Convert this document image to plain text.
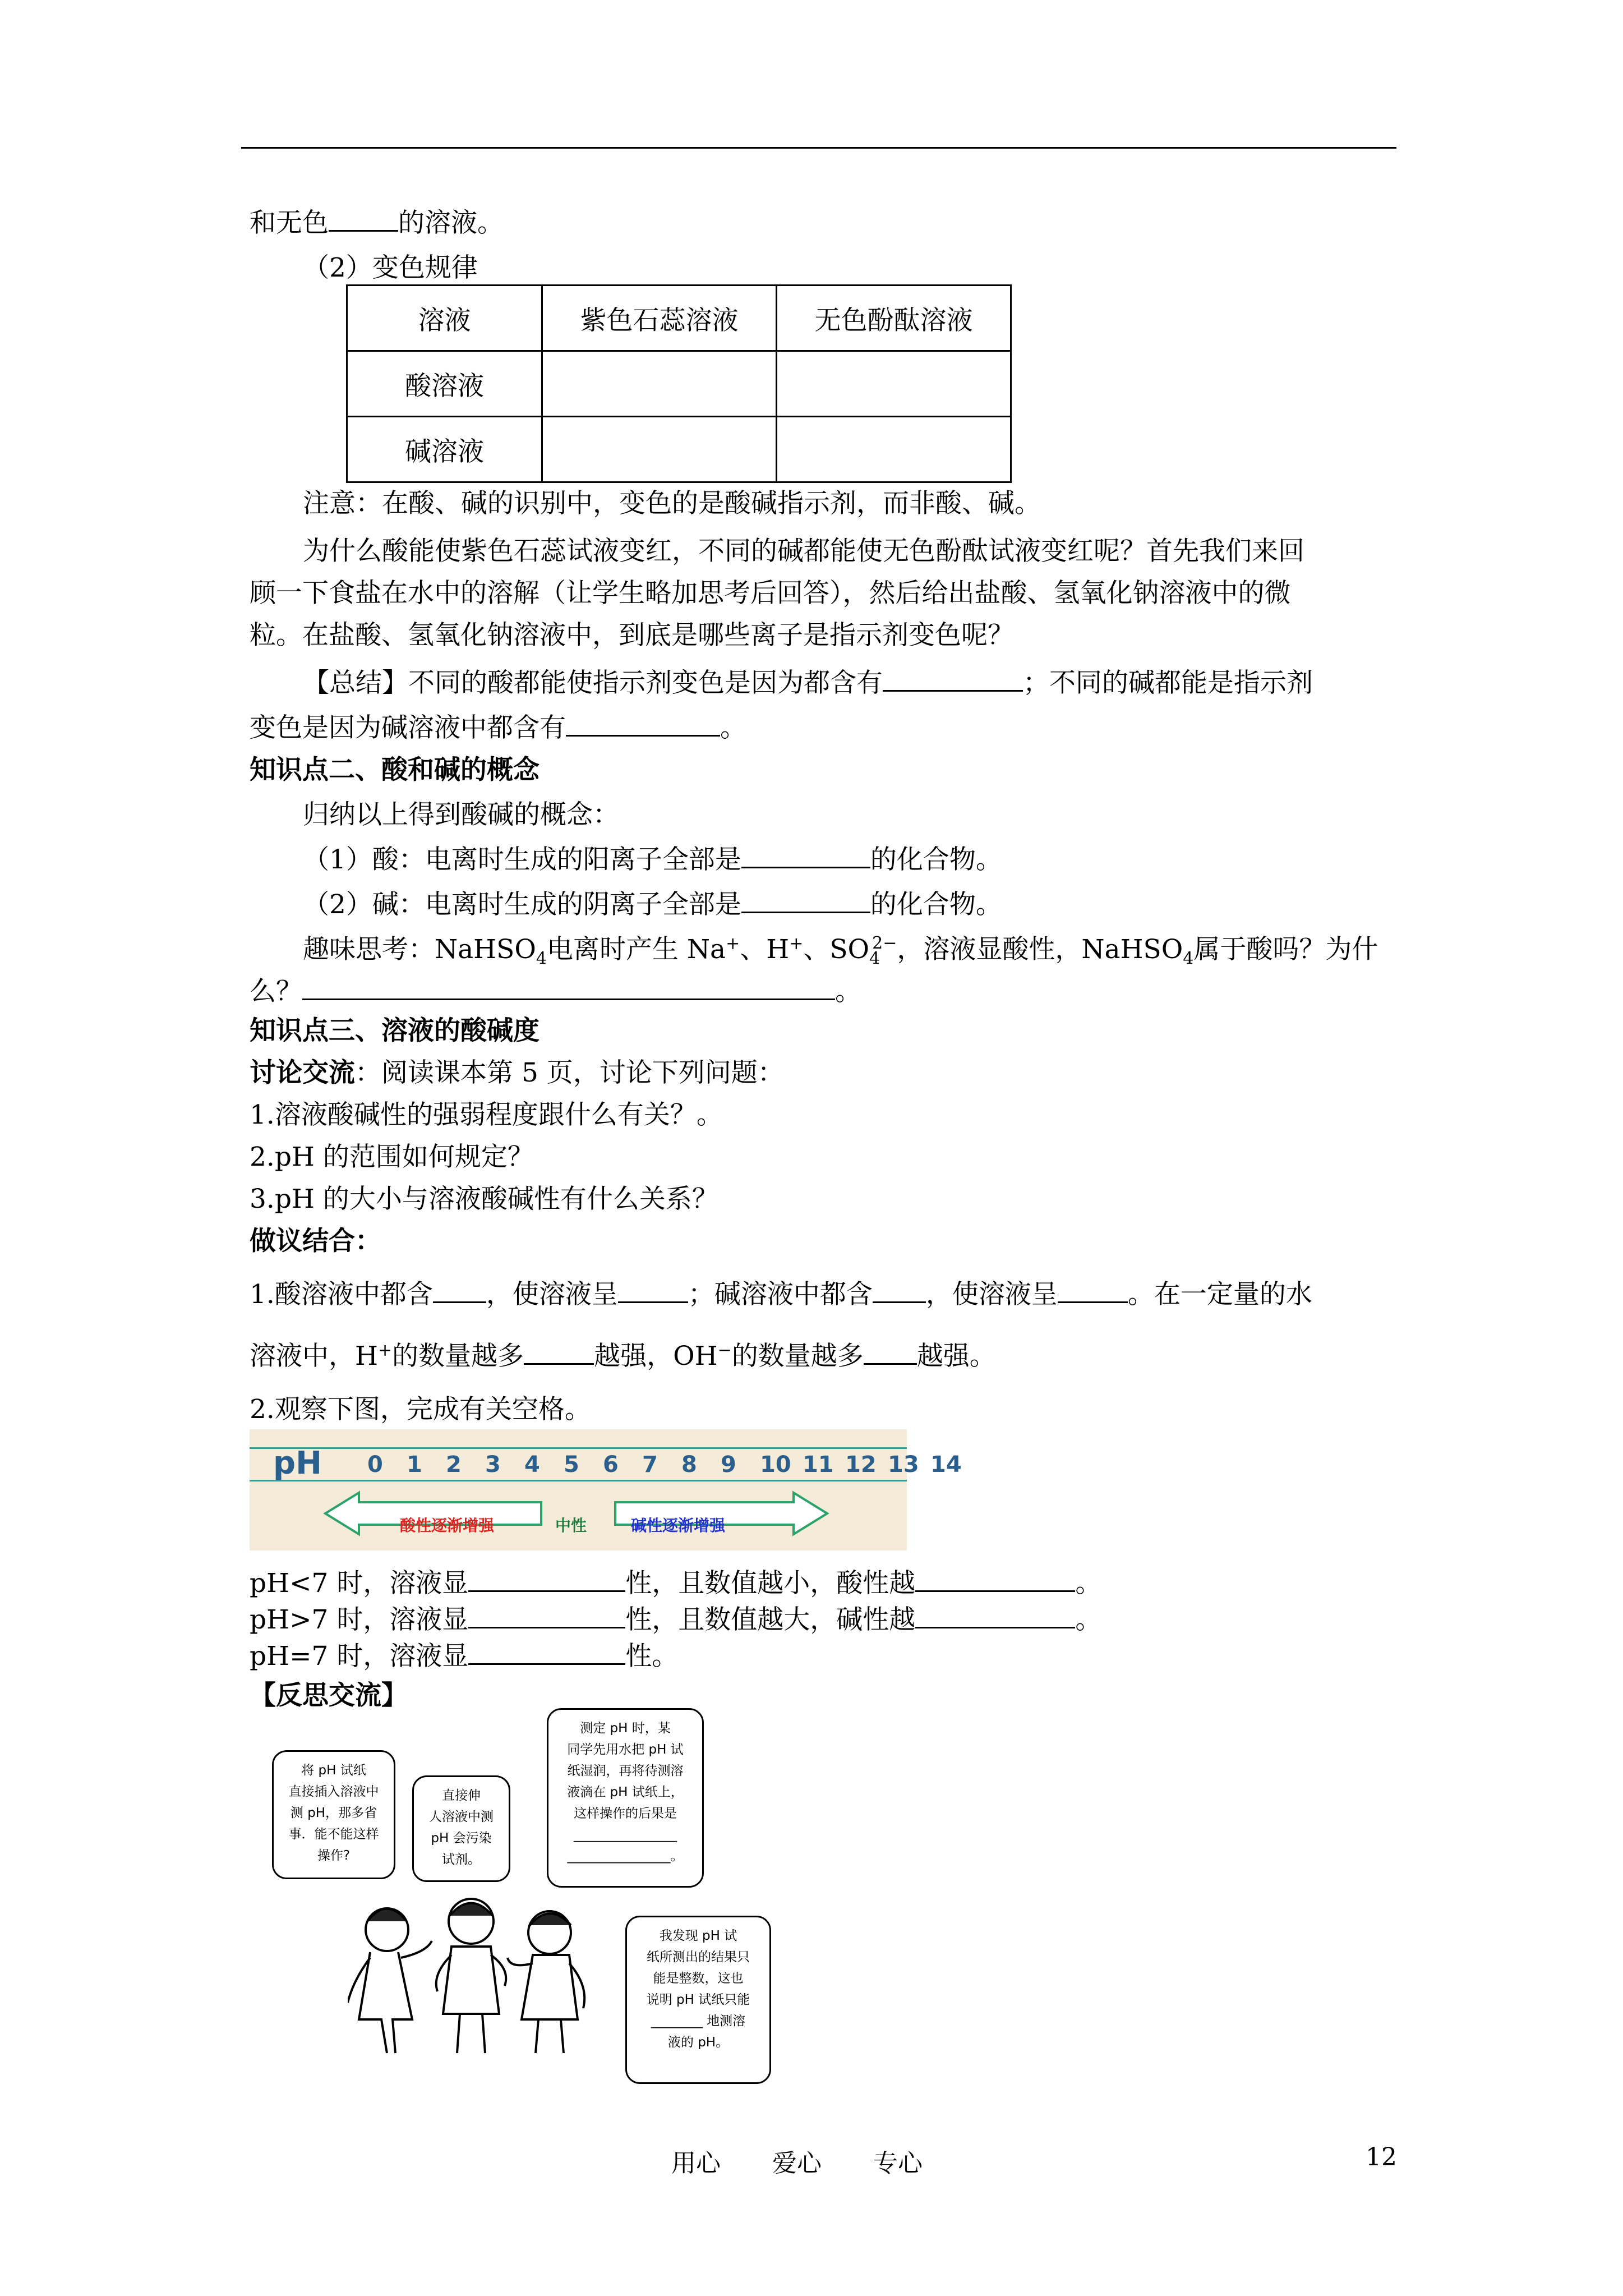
和无色	的溶液。
（2）变色规律
溶液	紫色石蕊溶液	无色酚酞溶液
酸溶液		
碱溶液		
注意：在酸、碱的识别中，变色的是酸碱指示剂，而非酸、碱。
为什么酸能使紫色石蕊试液变红，不同的碱都能使无色酚酞试液变红呢？首先我们来回
顾一下食盐在水中的溶解（让学生略加思考后回答），然后给出盐酸、氢氧化钠溶液中的微
粒。在盐酸、氢氧化钠溶液中，到底是哪些离子是指示剂变色呢？
【总结】不同的酸都能使指示剂变色是因为都含有	；不同的碱都能是指示剂
变色是因为碱溶液中都含有	。
知识点二、酸和碱的概念
归纳以上得到酸碱的概念：
（1）酸：电离时生成的阳离子全部是	的化合物。
（2）碱：电离时生成的阴离子全部是	的化合物。
趣味思考：NaHSO$_4$电离时产生 Na+、H+、$SO_4^{2-}$，溶液显酸性，NaHSO$_4$属于酸吗？为什
么？	。
知识点三、溶液的酸碱度
讨论交流：阅读课本第 5 页，讨论下列问题：
1.溶液酸碱性的强弱程度跟什么有关？。
2.pH 的范围如何规定？
3.pH 的大小与溶液酸碱性有什么关系？
做议结合：
1.酸溶液中都含 ，使溶液呈	；碱溶液中都含 ，使溶液呈	。在一定量的水
溶液中，H+的数量越多	越强，OH−的数量越多 越强。
2.观察下图，完成有关空格。
pH 0 1 2 3 4 5 6 7 8 9 10 11 12 13 14
酸性逐渐增强	中性	碱性逐渐增强
pH<7 时，溶液显	性，且数值越小，酸性越	。
pH>7 时，溶液显	性，且数值越大，碱性越	。
pH=7 时，溶液显	性。
【反思交流】
将 pH 试纸
直接插入溶液中
测 pH，那多省
事．能不能这样
操作?
直接伸
人溶液中测
pH 会污染
试剂。
测定 pH 时，某
同学先用水把 pH 试
纸湿润，再将待测溶
液滴在 pH 试纸上，
这样操作的后果是
________________
________________。
我发现 pH 试
纸所测出的结果只
能是整数，这也
说明 pH 试纸只能
________ 地测溶
液的 pH。
用心 爱心 专心	12
